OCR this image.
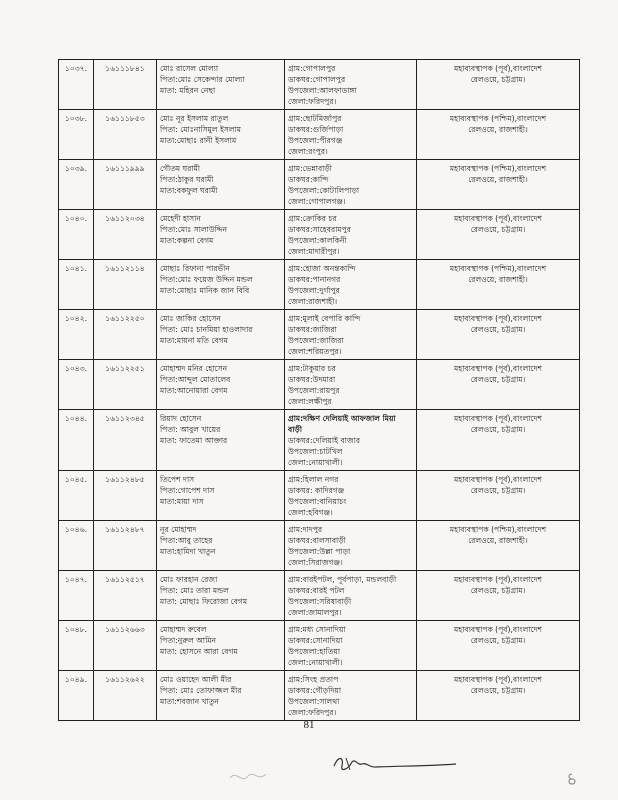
১০৩৭.	১৬১১১৮৪১	মোঃ রাসেল মোল্যা
পিতা:মোঃ সেকেন্দার মোল্যা
মাতা: মহিরন নেছা	গ্রাম:গোপালপুর
ডাকঘর:গোপালপুর
উপজেলা:আলফাডাঙ্গা
জেলা:ফরিদপুর।	মহাব্যবস্থাপক (পূর্ব),বাংলাদেশ
রেলওয়ে, চট্টগ্রাম।

১০৩৮.	১৬১১১৮৫৩	মোঃ নূর ইসলাম রাতুল
পিতা: মোঃনাসিমুল ইসলাম
মাতা:মোছাঃ রানী ইসলাম	গ্রাম:ছোটমির্জাপুর
ডাকঘর:গুর্জিপাড়া
উপজেলা:পীরগঞ্জ
জেলা:রংপুর।	মহাব্যবস্থাপক (পশ্চিম),বাংলাদেশ
রেলওয়ে, রাজশাহী।

১০৩৯.	১৬১১১৯৯৯	গৌতম ঘরামী
পিতা:ঠাকুর ঘরামী
মাতা:বকফুল ঘরামী	গ্রাম:ভেন্নাবাড়ী
ডাকঘর:কান্দি
উপজেলা:কোটালিপাড়া
জেলা:গোপালগঞ্জ।	মহাব্যবস্থাপক (পশ্চিম),বাংলাদেশ
রেলওয়ে, রাজশাহী।

১০৪০.	১৬১১২০৩৪	মেহেদী হাসান
পিতা:মোঃ সালাউদ্দিন
মাতা:কল্পনা বেগম	গ্রাম:ক্রোকির চর
ডাকঘর:সাহেবরামপুর
উপজেলা:কালকিনী
জেলা:মাদারীপুর।	মহাব্যবস্থাপক (পূর্ব),বাংলাদেশ
রেলওয়ে, চট্টগ্রাম।

১০৪১.	১৬১১২১১৪	মোছাঃ রিফানা পারভীন
পিতা:মোঃ ফয়েজ উদ্দিন মন্ডল
মাতা:মোছাঃ মানিক জান বিবি	গ্রাম:হোজা অনন্তকান্দি
ডাকঘর:পানানগর
উপজেলা:দুর্গাপুর
জেলা:রাজশাহী।	মহাব্যবস্থাপক (পশ্চিম),বাংলাদেশ
রেলওয়ে, রাজশাহী।

১০৪২.	১৬১১২২৫০	মোঃ জাকির হোসেন
পিতা: মোঃ চানমিয়া হাওলাদার
মাতা:মায়না মতি বেগম	গ্রাম:মুলাই বেপারি কান্দি
ডাকঘর:জাজিরা
উপজেলা:জাজিরা
জেলা:শরিয়তপুর।	মহাব্যবস্থাপক (পূর্ব),বাংলাদেশ
রেলওয়ে, চট্টগ্রাম।

১০৪৩.	১৬১১২২৫১	মোহাম্মদ মনির হোসেন
পিতা:আব্দুল মোতালেব
মাতা:আনোয়ারা বেগম	গ্রাম:টাকুয়ার চর
ডাকঘর:উদমারা
উপজেলা:রায়পুর
জেলা:লক্ষীপুর	মহাব্যবস্থাপক (পূর্ব),বাংলাদেশ
রেলওয়ে, চট্টগ্রাম।

১০৪৪.	১৬১১২৩৪৫	রিয়াদ হোসেন
পিতা: আবুল খায়ের
মাতা: ফাতেমা আক্তার	গ্রাম:দক্ষিণ দেলিয়াই আফজাল মিয়া
বাড়ী
ডাকঘর:দেলিয়াই বাজার
উপজেলা:চাটখিল
জেলা:নোয়াখালী।	মহাব্যবস্থাপক (পূর্ব),বাংলাদেশ
রেলওয়ে, চট্টগ্রাম।

১০৪৫.	১৬১১২৪৮৫	তিপেশ দাস
পিতা:গোপেশ দাস
মাতা:মায়া দাস	গ্রাম:হিলাল নগর
ডাকঘর: কাদিরগঞ্জ
উপজেলা:বানিয়াচং
জেলা:হবিগঞ্জ।	মহাব্যবস্থাপক (পূর্ব),বাংলাদেশ
রেলওয়ে, চট্টগ্রাম।

১০৪৬.	১৬১১২৪৮৭	নূর মোহাম্মদ
পিতা:আবু তাহের
মাতা:হামিদা খাতুন	গ্রাম:দাদপুর
ডাকঘর:বালসাবাড়ী
উপজেলা:উল্লা পাড়া
জেলা:সিরাজগঞ্জ।	মহাব্যবস্থাপক (পশ্চিম),বাংলাদেশ
রেলওয়ে, রাজশাহী।

১০৪৭.	১৬১১২৫১৭	মোঃ ফারহান রেজা
পিতা: মোঃ তারা মন্ডল
মাতা: মোছাঃ ফিরোজা বেগম	গ্রাম:বারইপটল, পূর্বপাড়া, মন্ডলবাড়ী
ডাকঘর:বারই পটল
উপজেলা:সরিষাবাড়ী
জেলা:জামালপুর।	মহাব্যবস্থাপক (পূর্ব),বাংলাদেশ
রেলওয়ে, চট্টগ্রাম।

১০৪৮.	১৬১১২৬৬৩	মোহাম্মদ রুবেল
পিতা:নুরুল আমিন
মাতা: হোসনে আরা বেগম	গ্রাম:মধ্য সোনাদিয়া
ডাকঘর:সোনাদিয়া
উপজেলা:হাতিয়া
জেলা:নোয়াখালী।	মহাব্যবস্থাপক (পূর্ব),বাংলাদেশ
রেলওয়ে, চট্টগ্রাম।

১০৪৯.	১৬১১২৬২২	মোঃ ওয়াহেদ আলী মীর
পিতা: মোঃ তোফাজ্জল মীর
মাতা:শবজান খাতুন	গ্রাম:সিংহ প্রতাপ
ডাকঘর:গৌড়দিয়া
উপজেলা:সালথা
জেলা:ফরিদপুর।	মহাব্যবস্থাপক (পূর্ব),বাংলাদেশ
রেলওয়ে, চট্টগ্রাম।
81
